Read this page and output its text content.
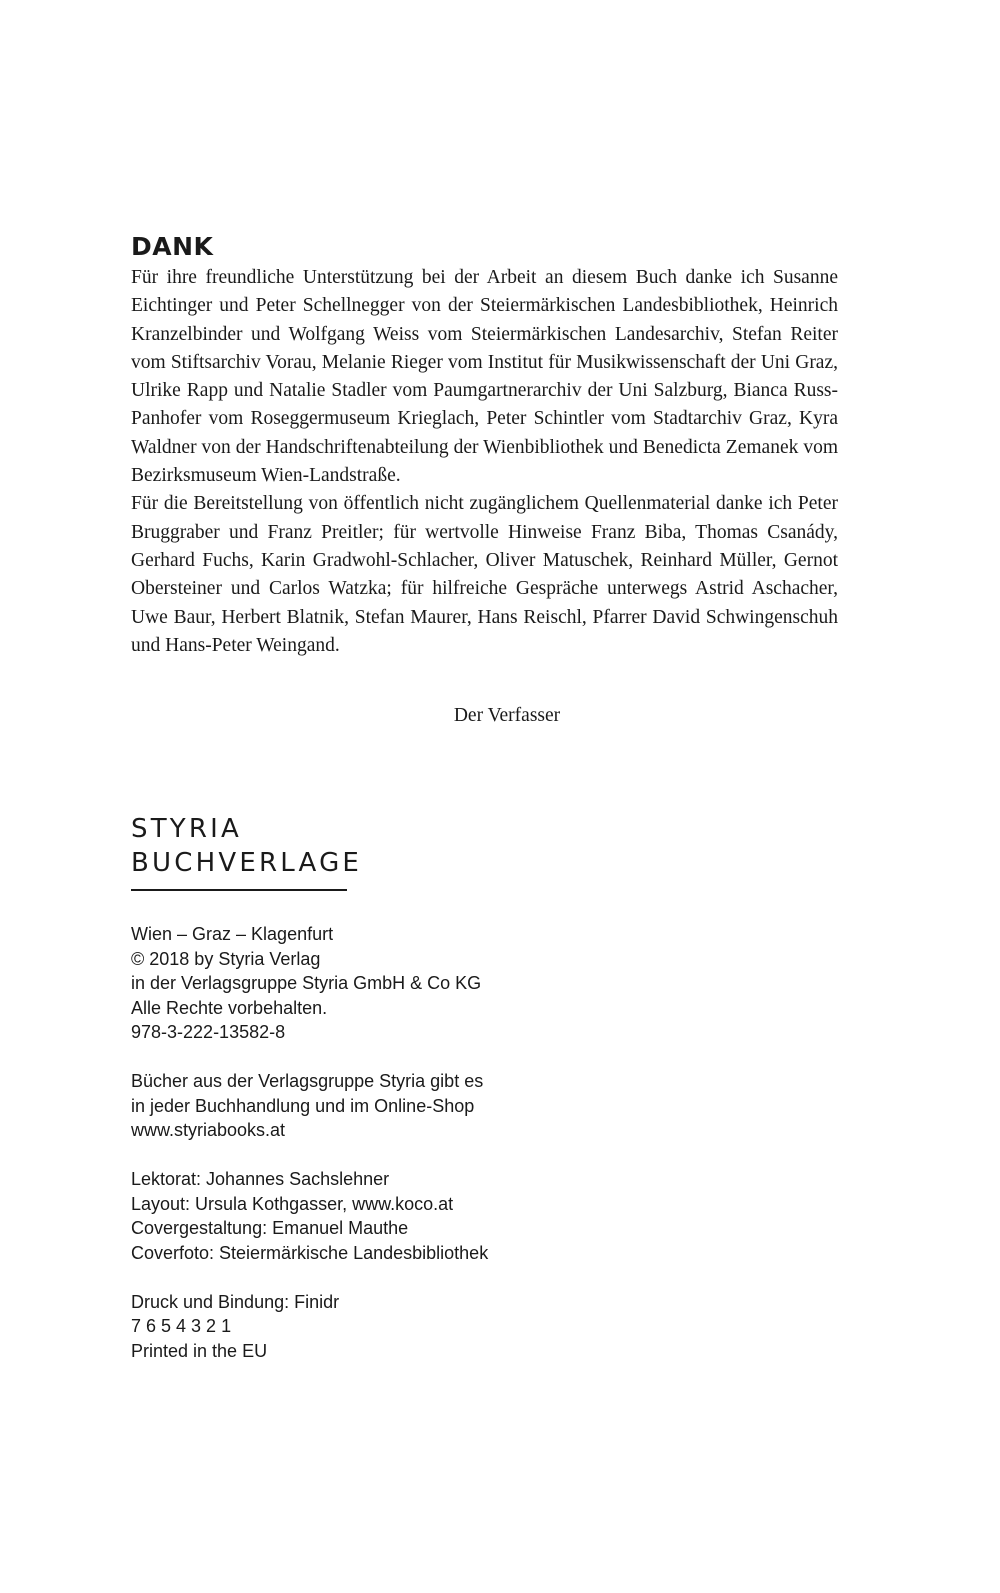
DANK

Für ihre freundliche Unterstützung bei der Arbeit an diesem Buch danke ich Susanne Eichtinger und Peter Schellnegger von der Steiermärkischen Landesbibliothek, Heinrich Kranzelbinder und Wolfgang Weiss vom Steiermärkischen Landesarchiv, Stefan Reiter vom Stiftsarchiv Vorau, Melanie Rieger vom Institut für Musikwissenschaft der Uni Graz, Ulrike Rapp und Natalie Stadler vom Paumgartnerarchiv der Uni Salzburg, Bianca Russ-Panhofer vom Roseggermuseum Krieglach, Peter Schintler vom Stadtarchiv Graz, Kyra Waldner von der Handschriftenabteilung der Wienbibliothek und Benedicta Zemanek vom Bezirksmuseum Wien-Landstraße.

Für die Bereitstellung von öffentlich nicht zugänglichem Quellenmaterial danke ich Peter Bruggraber und Franz Preitler; für wertvolle Hinweise Franz Biba, Thomas Csanády, Gerhard Fuchs, Karin Gradwohl-Schlacher, Oliver Matuschek, Reinhard Müller, Gernot Obersteiner und Carlos Watzka; für hilfreiche Gespräche unterwegs Astrid Aschacher, Uwe Baur, Herbert Blatnik, Stefan Maurer, Hans Reischl, Pfarrer David Schwingenschuh und Hans-Peter Weingand.

Der Verfasser

STYRIA
BUCHVERLAGE
Wien – Graz – Klagenfurt
© 2018 by Styria Verlag
in der Verlagsgruppe Styria GmbH & Co KG
Alle Rechte vorbehalten.
978-3-222-13582-8
Bücher aus der Verlagsgruppe Styria gibt es
in jeder Buchhandlung und im Online-Shop
www.styriabooks.at
Lektorat: Johannes Sachslehner
Layout: Ursula Kothgasser, www.koco.at
Covergestaltung: Emanuel Mauthe
Coverfoto: Steiermärkische Landesbibliothek
Druck und Bindung: Finidr
7 6 5 4 3 2 1
Printed in the EU
